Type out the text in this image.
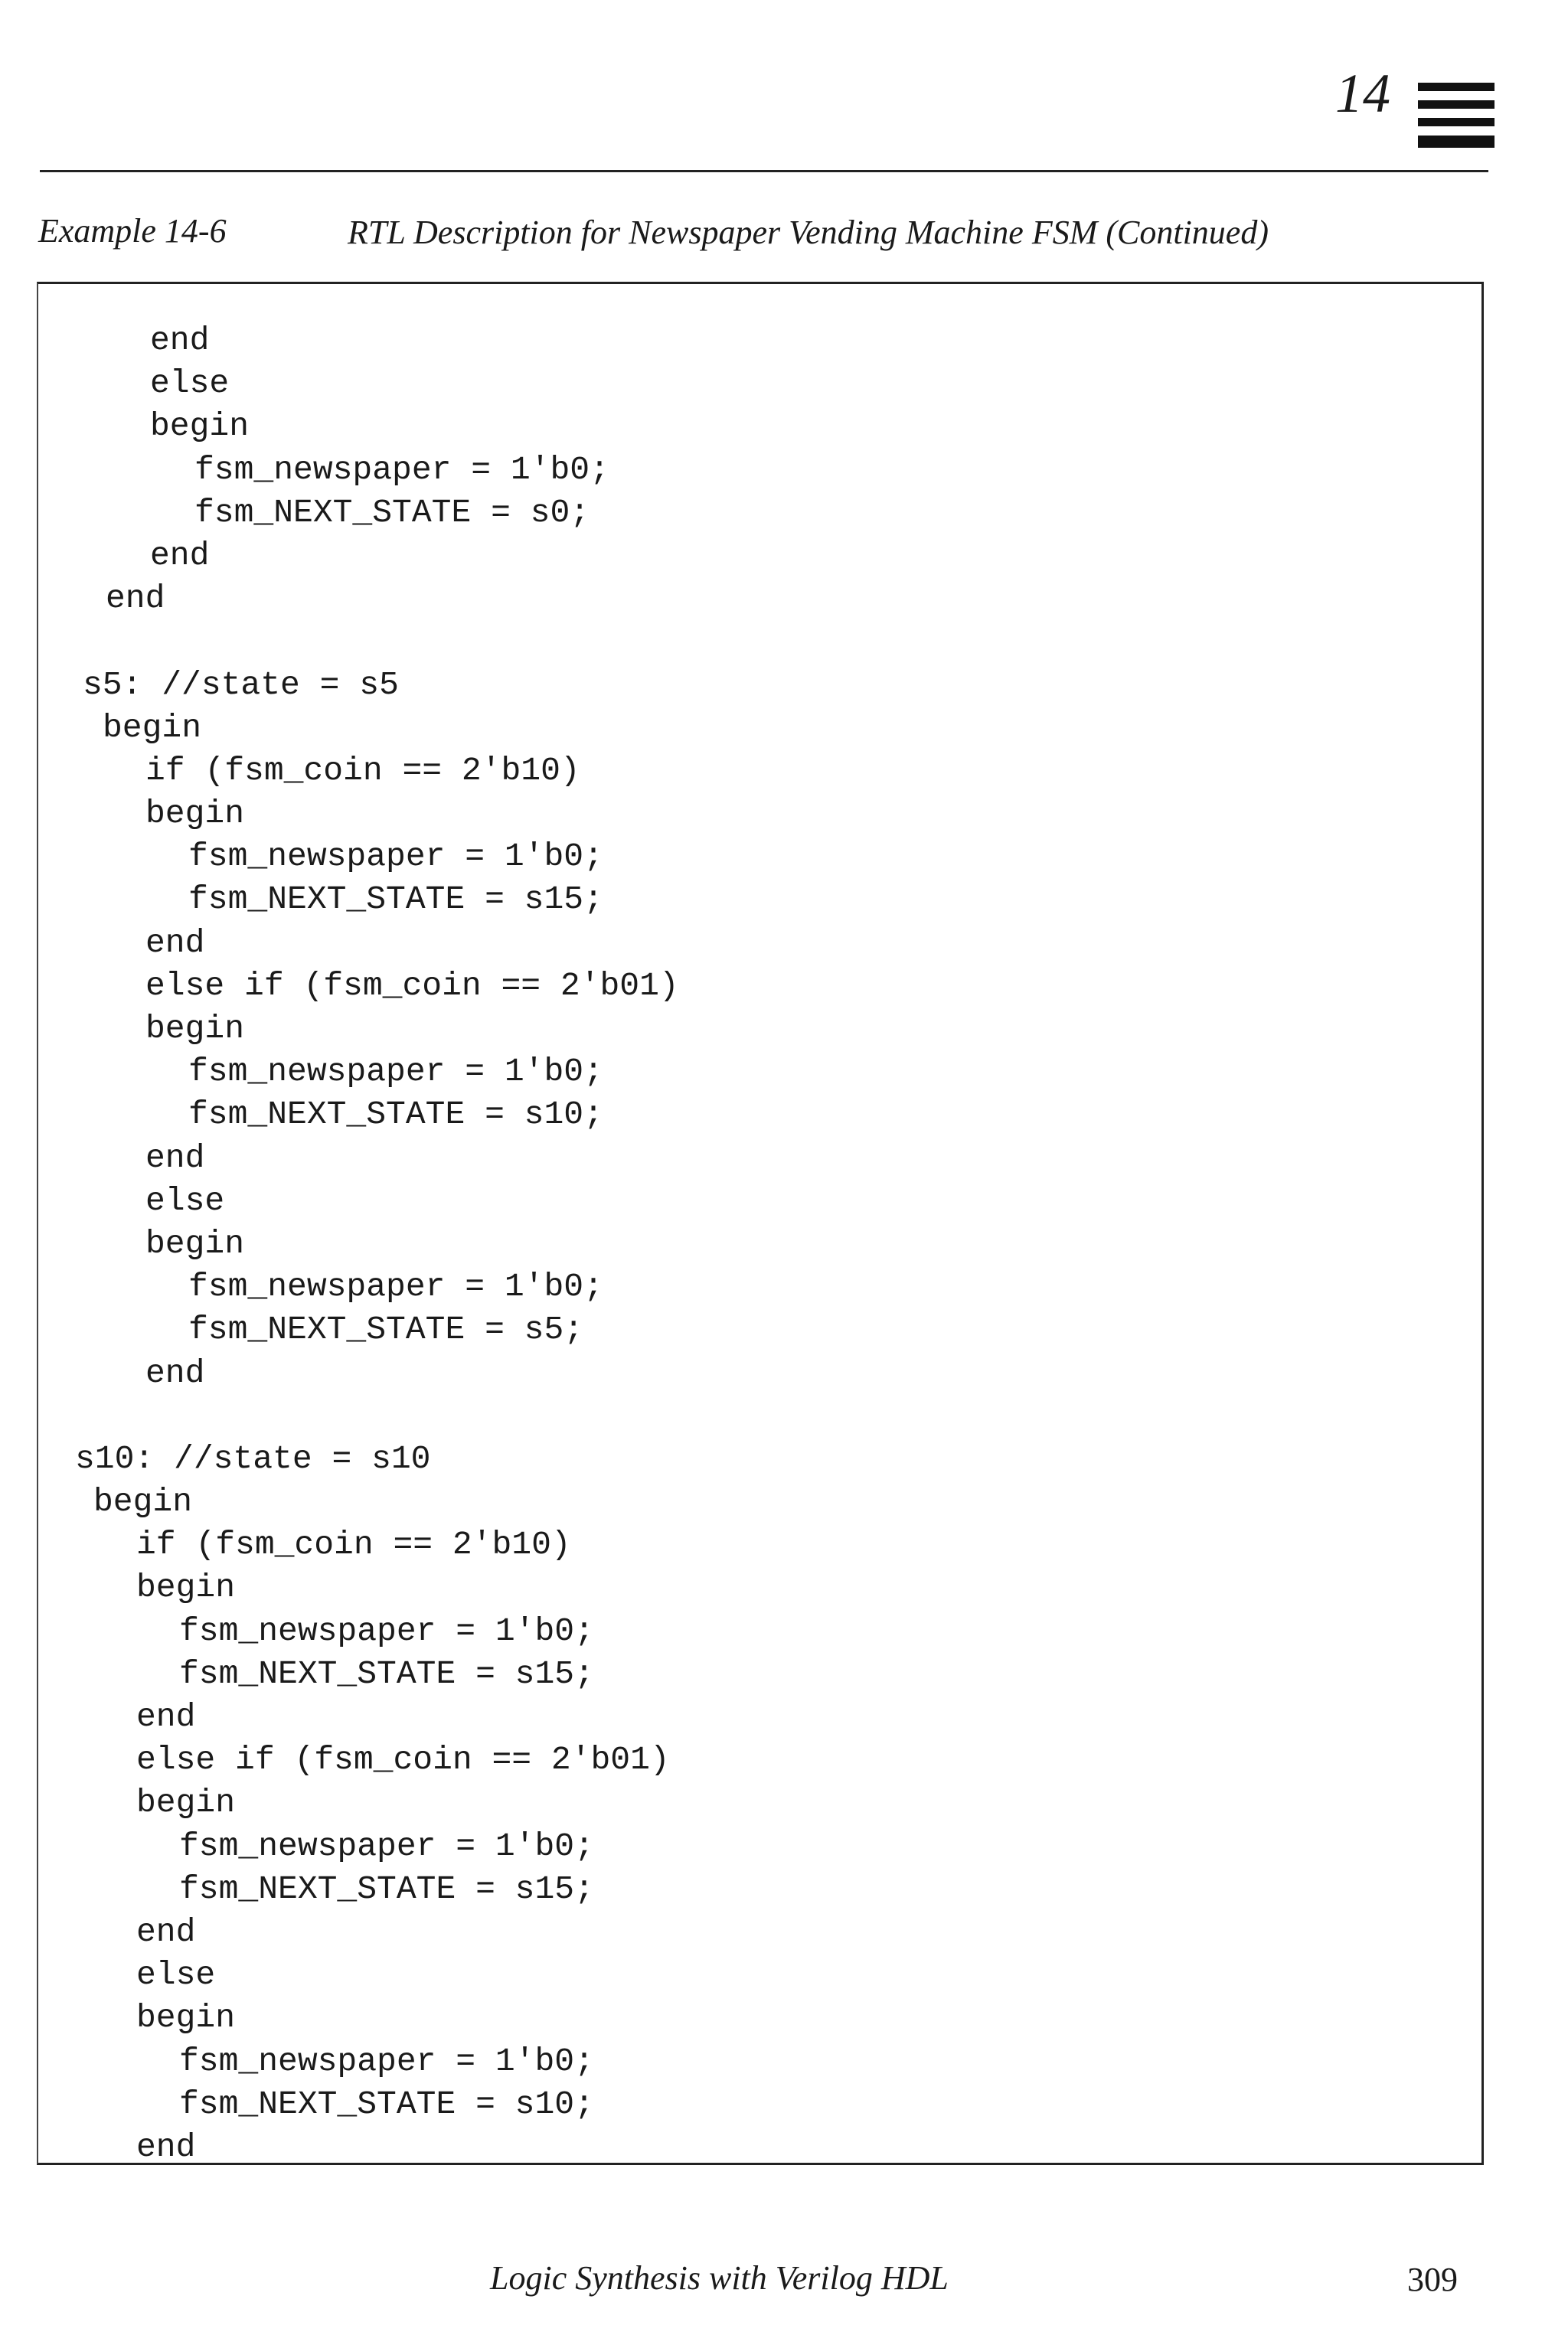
14
Example 14-6	RTL Description for Newspaper Vending Machine FSM (Continued)
end
else
begin
fsm_newspaper = 1'b0;
fsm_NEXT_STATE = s0;
end
end
s5: //state = s5
begin
if (fsm_coin == 2'b10)
begin
fsm_newspaper = 1'b0;
fsm_NEXT_STATE = s15;
end
else if (fsm_coin == 2'b01)
begin
fsm_newspaper = 1'b0;
fsm_NEXT_STATE = s10;
end
else
begin
fsm_newspaper = 1'b0;
fsm_NEXT_STATE = s5;
end
s10: //state = s10
begin
if (fsm_coin == 2'b10)
begin
fsm_newspaper = 1'b0;
fsm_NEXT_STATE = s15;
end
else if (fsm_coin == 2'b01)
begin
fsm_newspaper = 1'b0;
fsm_NEXT_STATE = s15;
end
else
begin
fsm_newspaper = 1'b0;
fsm_NEXT_STATE = s10;
end
Logic Synthesis with Verilog HDL	309
